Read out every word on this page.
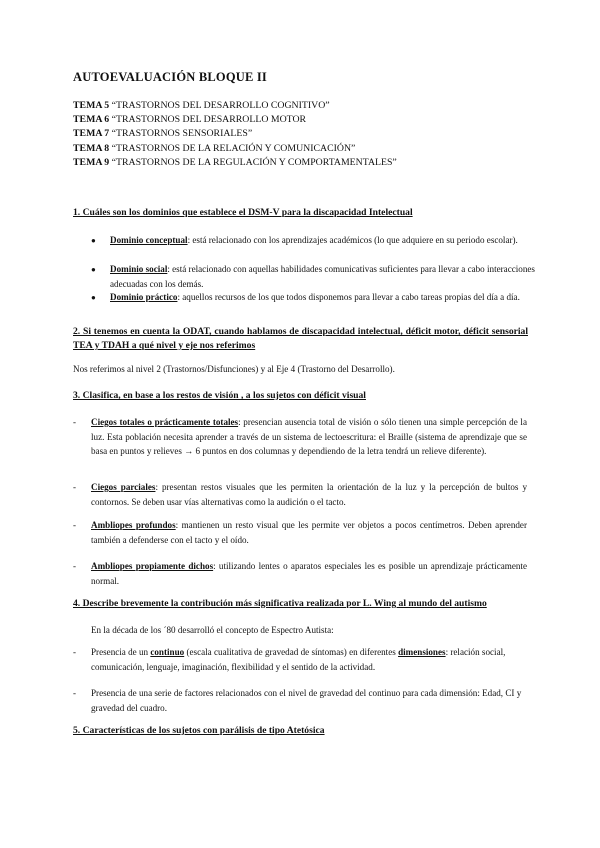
AUTOEVALUACIÓN BLOQUE II
TEMA 5 “TRASTORNOS DEL DESARROLLO COGNITIVO”
TEMA 6 “TRASTORNOS DEL DESARROLLO MOTOR
TEMA 7 “TRASTORNOS SENSORIALES”
TEMA 8 “TRASTORNOS DE LA RELACIÓN Y COMUNICACIÓN”
TEMA 9 “TRASTORNOS DE LA REGULACIÓN Y COMPORTAMENTALES”
1. Cuáles son los dominios que establece el DSM-V para la discapacidad Intelectual
● Dominio conceptual: está relacionado con los aprendizajes académicos (lo que adquiere en su periodo escolar).
● Dominio social: está relacionado con aquellas habilidades comunicativas suficientes para llevar a cabo interacciones adecuadas con los demás.
● Dominio práctico: aquellos recursos de los que todos disponemos para llevar a cabo tareas propias del día a día.
2. Si tenemos en cuenta la ODAT, cuando hablamos de discapacidad intelectual, déficit motor, déficit sensorial TEA y TDAH a qué nivel y eje nos referimos
Nos referimos al nivel 2 (Trastornos/Disfunciones) y al Eje 4 (Trastorno del Desarrollo).
3. Clasifica, en base a los restos de visión , a los sujetos con déficit visual
- Ciegos totales o prácticamente totales: presencian ausencia total de visión o sólo tienen una simple percepción de la luz. Esta población necesita aprender a través de un sistema de lectoescritura: el Braille (sistema de aprendizaje que se basa en puntos y relieves → 6 puntos en dos columnas y dependiendo de la letra tendrá un relieve diferente).
- Ciegos parciales: presentan restos visuales que les permiten la orientación de la luz y la percepción de bultos y contornos. Se deben usar vías alternativas como la audición o el tacto.
- Ambliopes profundos: mantienen un resto visual que les permite ver objetos a pocos centímetros. Deben aprender también a defenderse con el tacto y el oído.
- Ambliopes propiamente dichos: utilizando lentes o aparatos especiales les es posible un aprendizaje prácticamente normal.
4. Describe brevemente la contribución más significativa realizada por L. Wing al mundo del autismo
En la década de los ´80 desarrolló el concepto de Espectro Autista:
- Presencia de un continuo (escala cualitativa de gravedad de síntomas) en diferentes dimensiones: relación social, comunicación, lenguaje, imaginación, flexibilidad y el sentido de la actividad.
- Presencia de una serie de factores relacionados con el nivel de gravedad del continuo para cada dimensión: Edad, CI y gravedad del cuadro.
5. Características de los sujetos con parálisis de tipo Atetósica
